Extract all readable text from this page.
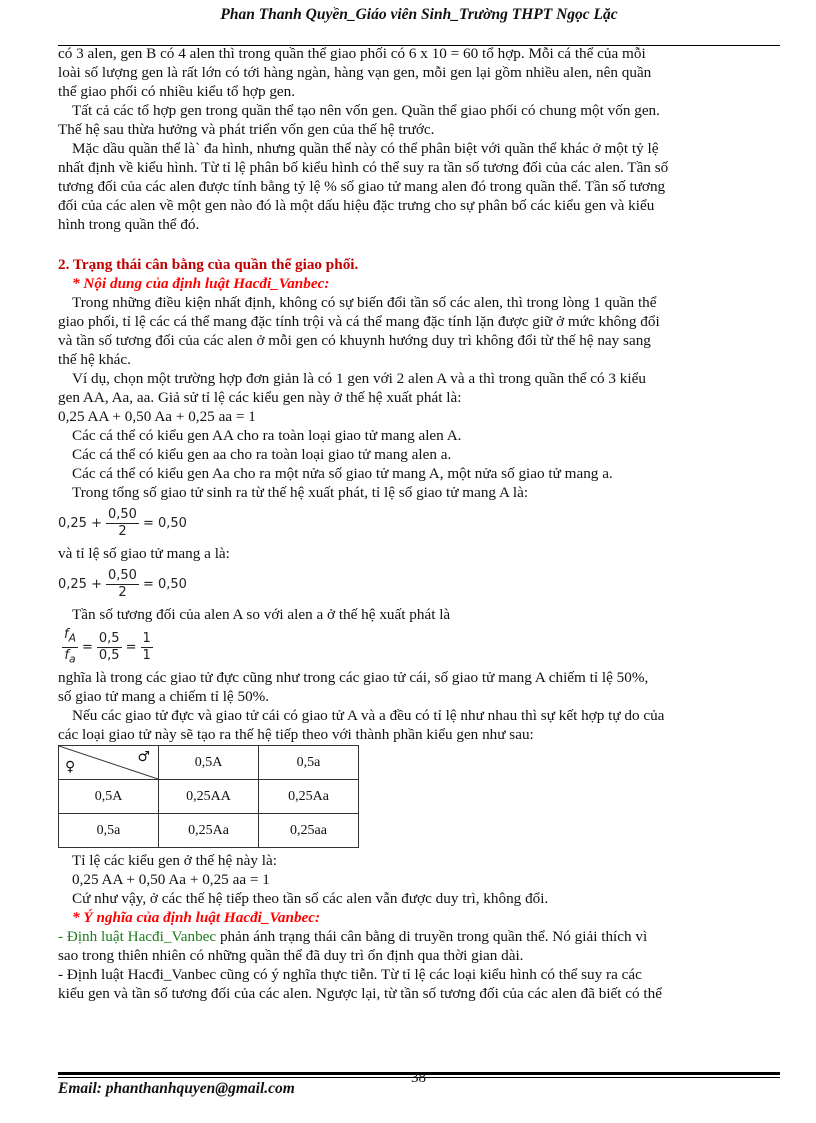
Phan Thanh Quyền_Giáo viên Sinh_Trường THPT Ngọc Lặc

có 3 alen, gen B có 4 alen thì trong quần thể giao phối có 6 x 10 = 60 tổ hợp. Mỗi cá thể của mỗi

loài số lượng gen là rất lớn có tới hàng ngàn, hàng vạn gen, mỗi gen lại gồm nhiều alen, nên quần

thể giao phối có nhiều kiểu tổ hợp gen.

Tất cả các tổ hợp gen trong quần thể tạo nên vốn gen. Quần thể giao phối có chung một vốn gen.

Thế hệ sau thừa hưởng và phát triển vốn gen của thế hệ trước.

Mặc dầu quần thể là` đa hình, nhưng quần thể này có thể phân biệt với quần thể khác ở một tỷ lệ

nhất định về kiểu hình. Từ tỉ lệ phân bố kiểu hình có thể suy ra tần số tương đối của các alen. Tần số

tương đối của các alen được tính bằng tỷ lệ % số giao tử mang alen đó trong quần thể. Tần số tương

đối của các alen về một gen nào đó là một dấu hiệu đặc trưng cho sự phân bố các kiểu gen và kiểu

hình trong quần thể đó.

2. Trạng thái cân bằng của quần thể giao phối.

* Nội dung của định luật Hacđi_Vanbec:

Trong những điều kiện nhất định, không có sự biến đổi tần số các alen, thì trong lòng 1 quần thể

giao phối, tỉ lệ các cá thể mang đặc tính trội và cá thể mang đặc tính lặn được giữ ở mức không đổi

và tần số tương đối của các alen ở mỗi gen có khuynh hướng duy trì không đổi từ thế hệ nay sang

thế hệ khác.

Ví dụ, chọn một trường hợp đơn giản là có 1 gen với 2 alen A và a thì trong quần thể có 3 kiểu

gen AA, Aa, aa. Giả sử tỉ lệ các kiểu gen này ở thế hệ xuất phát là:

0,25 AA + 0,50 Aa + 0,25 aa = 1

Các cá thể có kiểu gen AA cho ra toàn loại giao tử mang alen A.

Các cá thể có kiểu gen aa cho ra toàn loại giao tử mang alen a.

Các cá thể có kiểu gen Aa cho ra một nửa số giao tử mang A, một nửa số giao tử mang a.

Trong tổng số giao tử sinh ra từ thế hệ xuất phát, tỉ lệ số giao tử mang A là:

$0,25 + \frac{0,50}{2} = 0,50$

và tỉ lệ số giao tử mang a là:

$0,25 + \frac{0,50}{2} = 0,50$

Tần số tương đối của alen A so với alen a ở thế hệ xuất phát là

$\frac{f_A}{f_a} = \frac{0,5}{0,5} = \frac{1}{1}$

nghĩa là trong các giao tử đực cũng như trong các giao tử cái, số giao tử mang A chiếm tỉ lệ 50%,

số giao tử mang a chiếm tỉ lệ 50%.

Nếu các giao tử đực và giao tử cái có giao tử A và a đều có tỉ lệ như nhau thì sự kết hợp tự do của

các loại giao tử này sẽ tạo ra thế hệ tiếp theo với thành phần kiểu gen như sau:

♂
♀	0,5A	0,5a
0,5A	0,25AA	0,25Aa
0,5a	0,25Aa	0,25aa

Tỉ lệ các kiểu gen ở thế hệ này là:

0,25 AA + 0,50 Aa + 0,25 aa = 1

Cứ như vậy, ở các thế hệ tiếp theo tần số các alen vẫn được duy trì, không đổi.

* Ý nghĩa của định luật Hacđi_Vanbec:

- Định luật Hacđi_Vanbec phản ánh trạng thái cân bằng di truyền trong quần thể. Nó giải thích vì

sao trong thiên nhiên có những quần thể đã duy trì ổn định qua thời gian dài.

- Định luật Hacđi_Vanbec cũng có ý nghĩa thực tiễn. Từ tỉ lệ các loại kiểu hình có thể suy ra các

kiểu gen và tần số tương đối của các alen. Ngược lại, từ tần số tương đối của các alen đã biết có thể

38
Email: phanthanhquyen@gmail.com
